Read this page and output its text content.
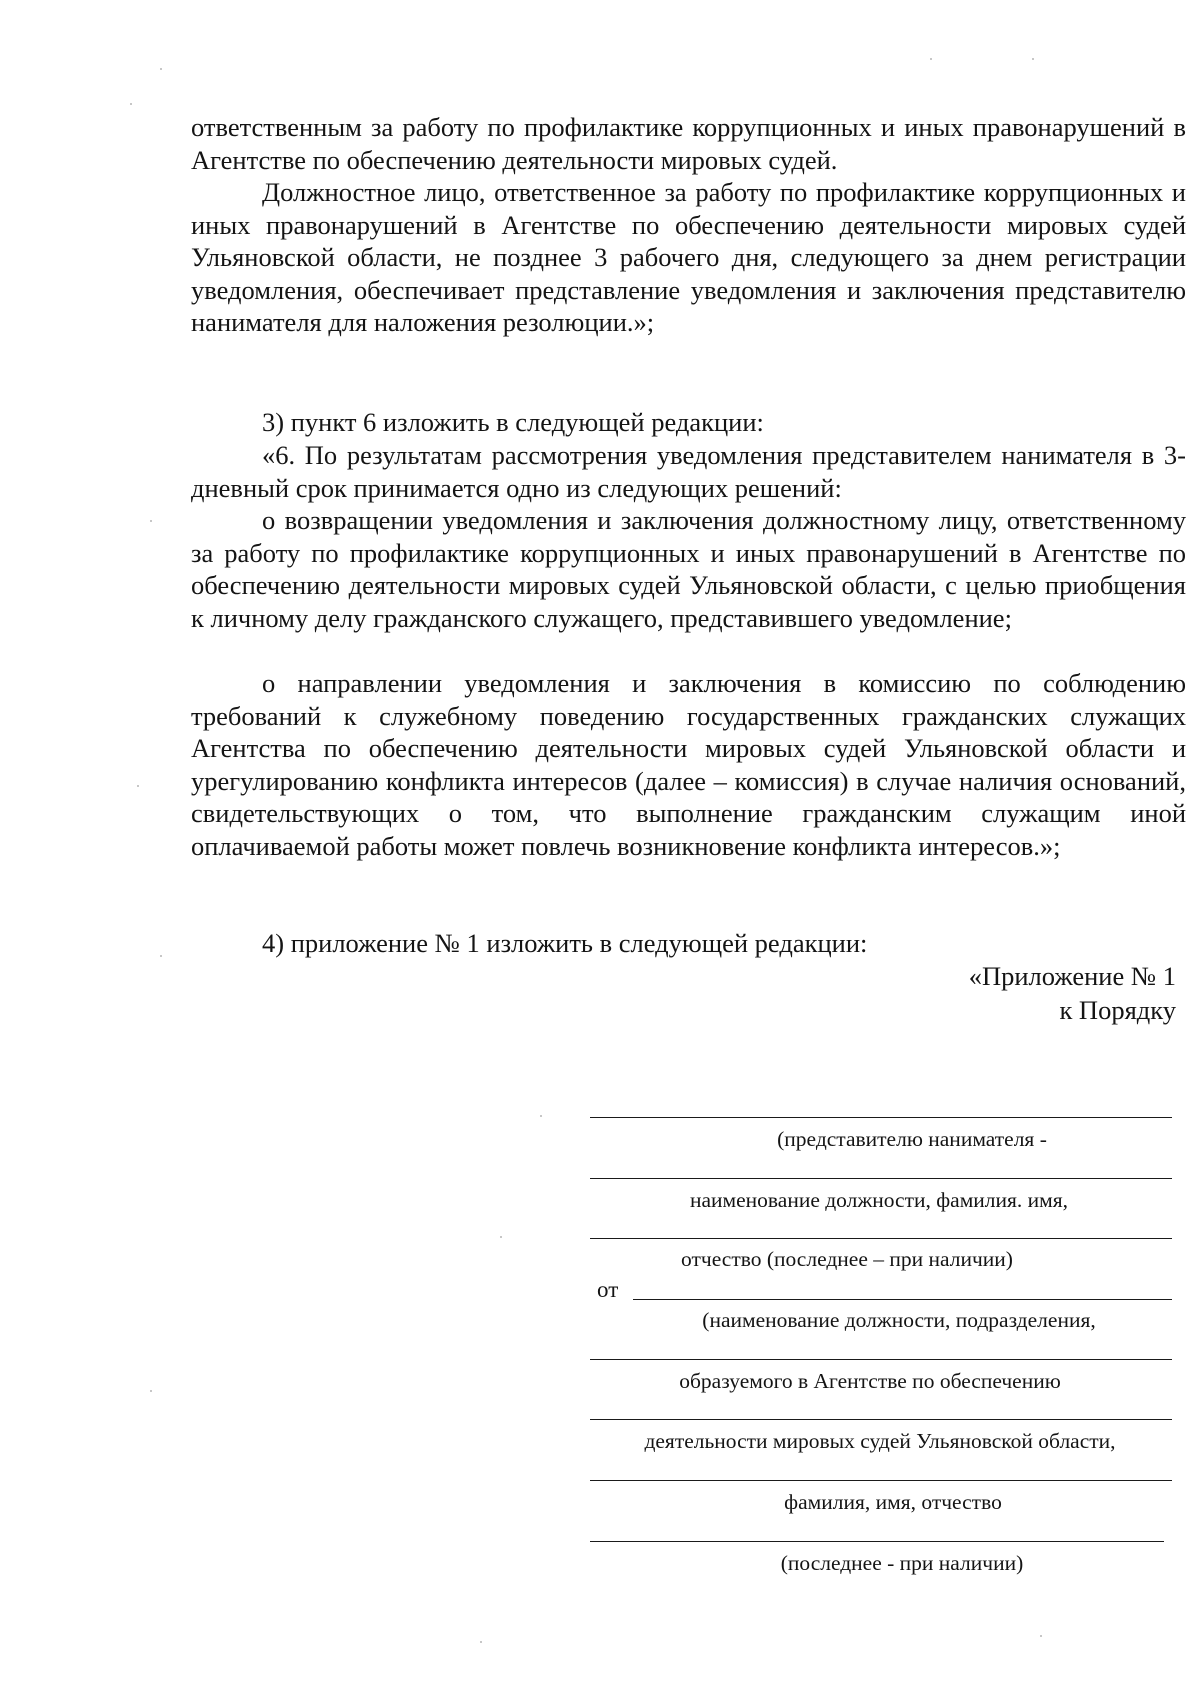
ответственным за работу по профилактике коррупционных и иных правонарушений в Агентстве по обеспечению деятельности мировых судей.

Должностное лицо, ответственное за работу по профилактике коррупционных и иных правонарушений в Агентстве по обеспечению деятельности мировых судей Ульяновской области, не позднее 3 рабочего дня, следующего за днем регистрации уведомления, обеспечивает представление уведомления и заключения представителю нанимателя для наложения резолюции.»;

3) пункт 6 изложить в следующей редакции:

«6. По результатам рассмотрения уведомления представителем нанимателя в 3-дневный срок принимается одно из следующих решений:

о возвращении уведомления и заключения должностному лицу, ответственному за работу по профилактике коррупционных и иных правонарушений в Агентстве по обеспечению деятельности мировых судей Ульяновской области, с целью приобщения к личному делу гражданского служащего, представившего уведомление;

о направлении уведомления и заключения в комиссию по соблюдению требований к служебному поведению государственных гражданских служащих Агентства по обеспечению деятельности мировых судей Ульяновской области и урегулированию конфликта интересов (далее – комиссия) в случае наличия оснований, свидетельствующих о том, что выполнение гражданским служащим иной оплачиваемой работы может повлечь возникновение конфликта интересов.»;

4) приложение № 1 изложить в следующей редакции:

«Приложение № 1

к Порядку

(представителю нанимателя -

наименование должности, фамилия. имя,

отчество (последнее – при наличии)

от

(наименование должности, подразделения,

образуемого в Агентстве по обеспечению

деятельности мировых судей Ульяновской области,

фамилия, имя, отчество

(последнее - при наличии)
